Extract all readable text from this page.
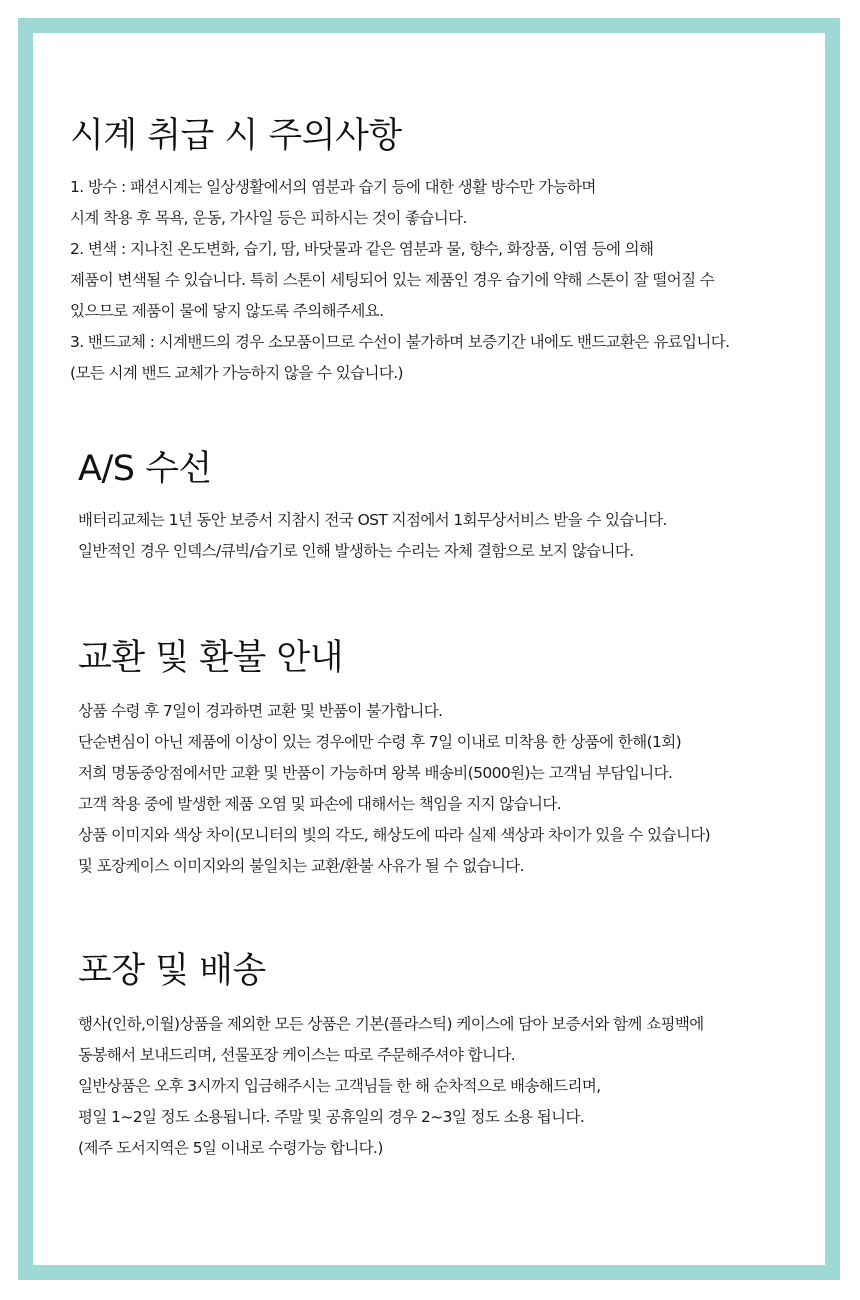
시계 취급 시 주의사항
1. 방수 : 패션시계는 일상생활에서의 염분과 습기 등에 대한 생활 방수만 가능하며
시계 착용 후 목욕, 운동, 가사일 등은 피하시는 것이 좋습니다.
2. 변색 : 지나친 온도변화, 습기, 땀, 바닷물과 같은 염분과 물, 향수, 화장품, 이염 등에 의해
제품이 변색될 수 있습니다. 특히 스톤이 세팅되어 있는 제품인 경우 습기에 약해 스톤이 잘 떨어질 수
있으므로 제품이 물에 닿지 않도록 주의해주세요.
3. 밴드교체 : 시계밴드의 경우 소모품이므로 수선이 불가하며 보증기간 내에도 밴드교환은 유료입니다.
(모든 시계 밴드 교체가 가능하지 않을 수 있습니다.)
A/S 수선
배터리교체는 1년 동안 보증서 지참시 전국 OST 지점에서 1회무상서비스 받을 수 있습니다.
일반적인 경우 인덱스/큐빅/습기로 인해 발생하는 수리는 자체 결함으로 보지 않습니다.
교환 및 환불 안내
상품 수령 후 7일이 경과하면 교환 및 반품이 불가합니다.
단순변심이 아닌 제품에 이상이 있는 경우에만 수령 후 7일 이내로 미착용 한 상품에 한해(1회)
저희 명동중앙점에서만 교환 및 반품이 가능하며 왕복 배송비(5000원)는 고객님 부담입니다.
고객 착용 중에 발생한 제품 오염 및 파손에 대해서는 책임을 지지 않습니다.
상품 이미지와 색상 차이(모니터의 빛의 각도, 해상도에 따라 실제 색상과 차이가 있을 수 있습니다)
및 포장케이스 이미지와의 불일치는 교환/환불 사유가 될 수 없습니다.
포장 및 배송
행사(인하,이월)상품을 제외한 모든 상품은 기본(플라스틱) 케이스에 담아 보증서와 함께 쇼핑백에
동봉해서 보내드리며, 선물포장 케이스는 따로 주문해주셔야 합니다.
일반상품은 오후 3시까지 입금해주시는 고객님들 한 해 순차적으로 배송해드리며,
평일 1~2일 정도 소용됩니다. 주말 및 공휴일의 경우 2~3일 정도 소용 됩니다.
(제주 도서지역은 5일 이내로 수령가능 합니다.)
